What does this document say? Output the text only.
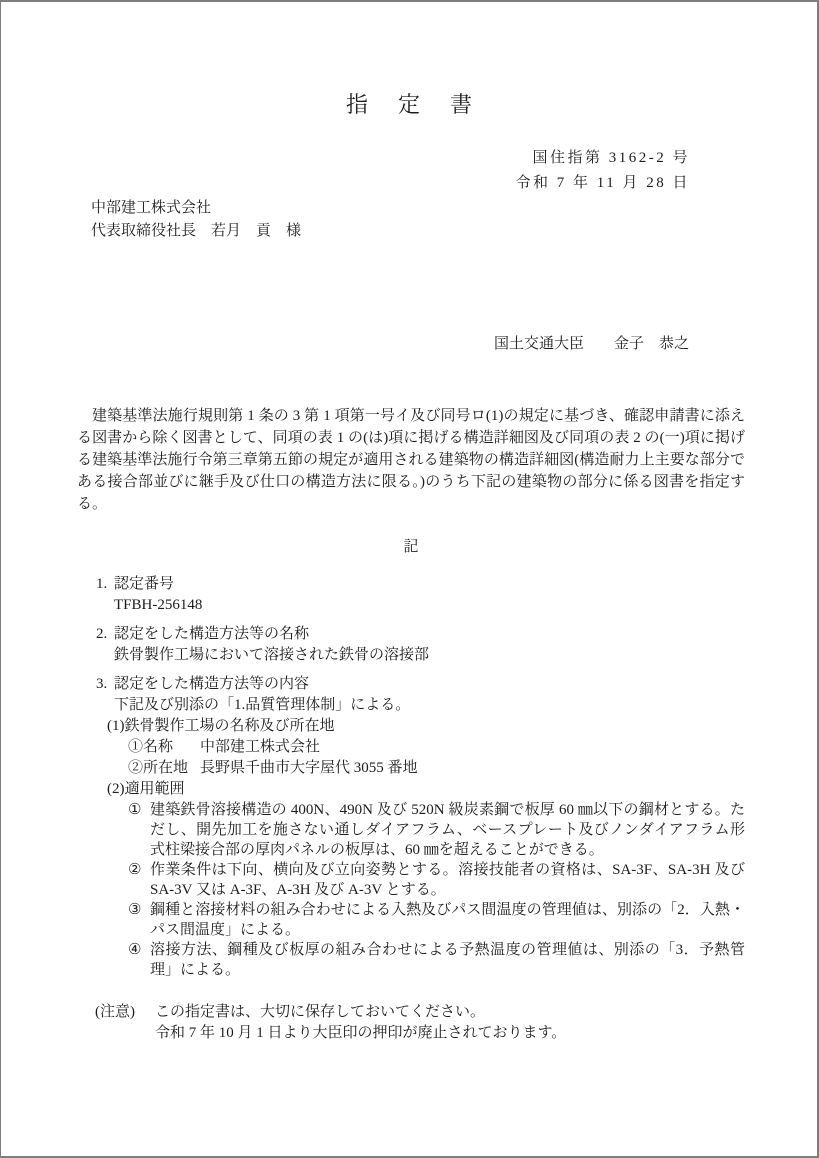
指　定　書
国住指第 3162-2 号
令和 7 年 11 月 28 日
中部建工株式会社
代表取締役社長　若月　貢　様
国土交通大臣　　金子　恭之

建築基準法施行規則第 1 条の 3 第 1 項第一号イ及び同号ロ(1)の規定に基づき、確認申請書に添える図書から除く図書として、同項の表 1 の(は)項に掲げる構造詳細図及び同項の表 2 の(一)項に掲げる建築基準法施行令第三章第五節の規定が適用される建築物の構造詳細図(構造耐力上主要な部分である接合部並びに継手及び仕口の構造方法に限る。)のうち下記の建築物の部分に係る図書を指定する。

記
1. 認定番号
TFBH-256148
2. 認定をした構造方法等の名称
鉄骨製作工場において溶接された鉄骨の溶接部
3. 認定をした構造方法等の内容
下記及び別添の「1.品質管理体制」による。
(1)鉄骨製作工場の名称及び所在地
①名称	中部建工株式会社
②所在地 長野県千曲市大字屋代 3055 番地
(2)適用範囲
① 建築鉄骨溶接構造の 400N、490N 及び 520N 級炭素鋼で板厚 60 ㎜以下の鋼材とする。ただし、開先加工を施さない通しダイアフラム、ベースプレート及びノンダイアフラム形式柱梁接合部の厚肉パネルの板厚は、60 ㎜を超えることができる。
② 作業条件は下向、横向及び立向姿勢とする。溶接技能者の資格は、SA-3F、SA-3H 及び SA-3V 又は A-3F、A-3H 及び A-3V とする。
③ 鋼種と溶接材料の組み合わせによる入熱及びパス間温度の管理値は、別添の「2．入熱・パス間温度」による。
④ 溶接方法、鋼種及び板厚の組み合わせによる予熱温度の管理値は、別添の「3．予熱管理」による。
(注意)	この指定書は、大切に保存しておいてください。
令和 7 年 10 月 1 日より大臣印の押印が廃止されております。
